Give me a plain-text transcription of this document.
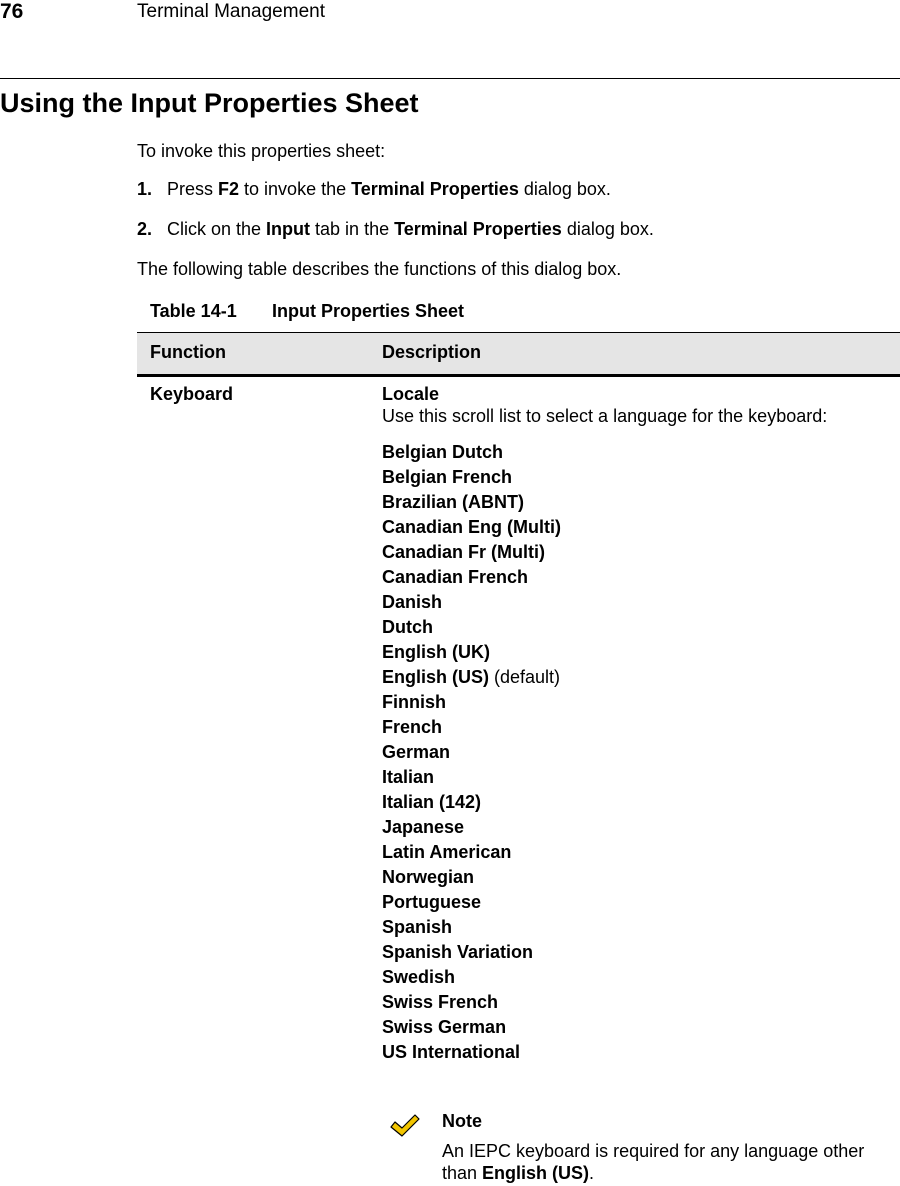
76	Terminal Management
Using the Input Properties Sheet

To invoke this properties sheet:

1. Press F2 to invoke the Terminal Properties dialog box.

2. Click on the Input tab in the Terminal Properties dialog box.

The following table describes the functions of this dialog box.

Table 14-1 Input Properties Sheet

Function	Description
Keyboard	Locale

Use this scroll list to select a language for the keyboard:

Belgian Dutch
Belgian French
Brazilian (ABNT)
Canadian Eng (Multi)
Canadian Fr (Multi)
Canadian French
Danish
Dutch
English (UK)
English (US) (default)
Finnish
French
German
Italian
Italian (142)
Japanese
Latin American
Norwegian
Portuguese
Spanish
Spanish Variation
Swedish
Swiss French
Swiss German
US International

Note

An IEPC keyboard is required for any language other than English (US).
